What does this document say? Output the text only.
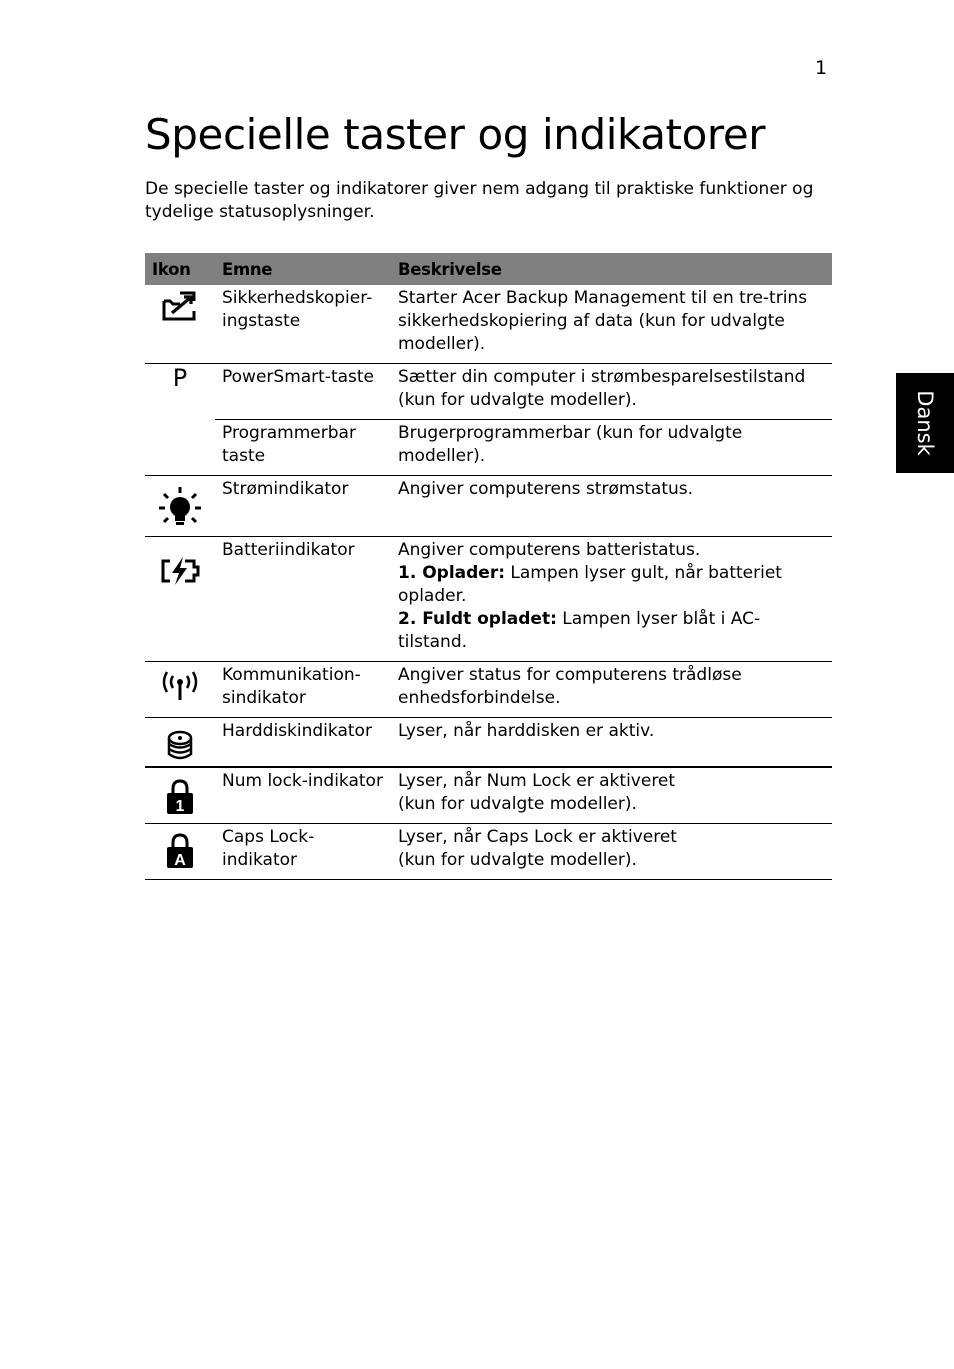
1
Specielle taster og indikatorer

De specielle taster og indikatorer giver nem adgang til praktiske funktioner og tydelige statusoplysninger.

Dansk
Ikon	Emne	Beskrivelse

	Sikkerhedskopier-ingstaste	Starter Acer Backup Management til en tre-trins sikkerhedskopiering af data (kun for udvalgte modeller).

P	PowerSmart-taste	Sætter din computer i strømbesparelsestilstand (kun for udvalgte modeller).
	Programmerbar taste	Brugerprogrammerbar (kun for udvalgte modeller).

	Strømindikator	Angiver computerens strømstatus.

	Batteriindikator	Angiver computerens batteristatus.
1. Oplader: Lampen lyser gult, når batteriet oplader.
2. Fuldt opladet: Lampen lyser blåt i AC-tilstand.

	Kommunikation-sindikator	Angiver status for computerens trådløse enhedsforbindelse.

	Harddiskindikator	Lyser, når harddisken er aktiv.

1	Num lock-indikator	Lyser, når Num Lock er aktiveret
(kun for udvalgte modeller).

A	Caps Lock-indikator	Lyser, når Caps Lock er aktiveret
(kun for udvalgte modeller).
